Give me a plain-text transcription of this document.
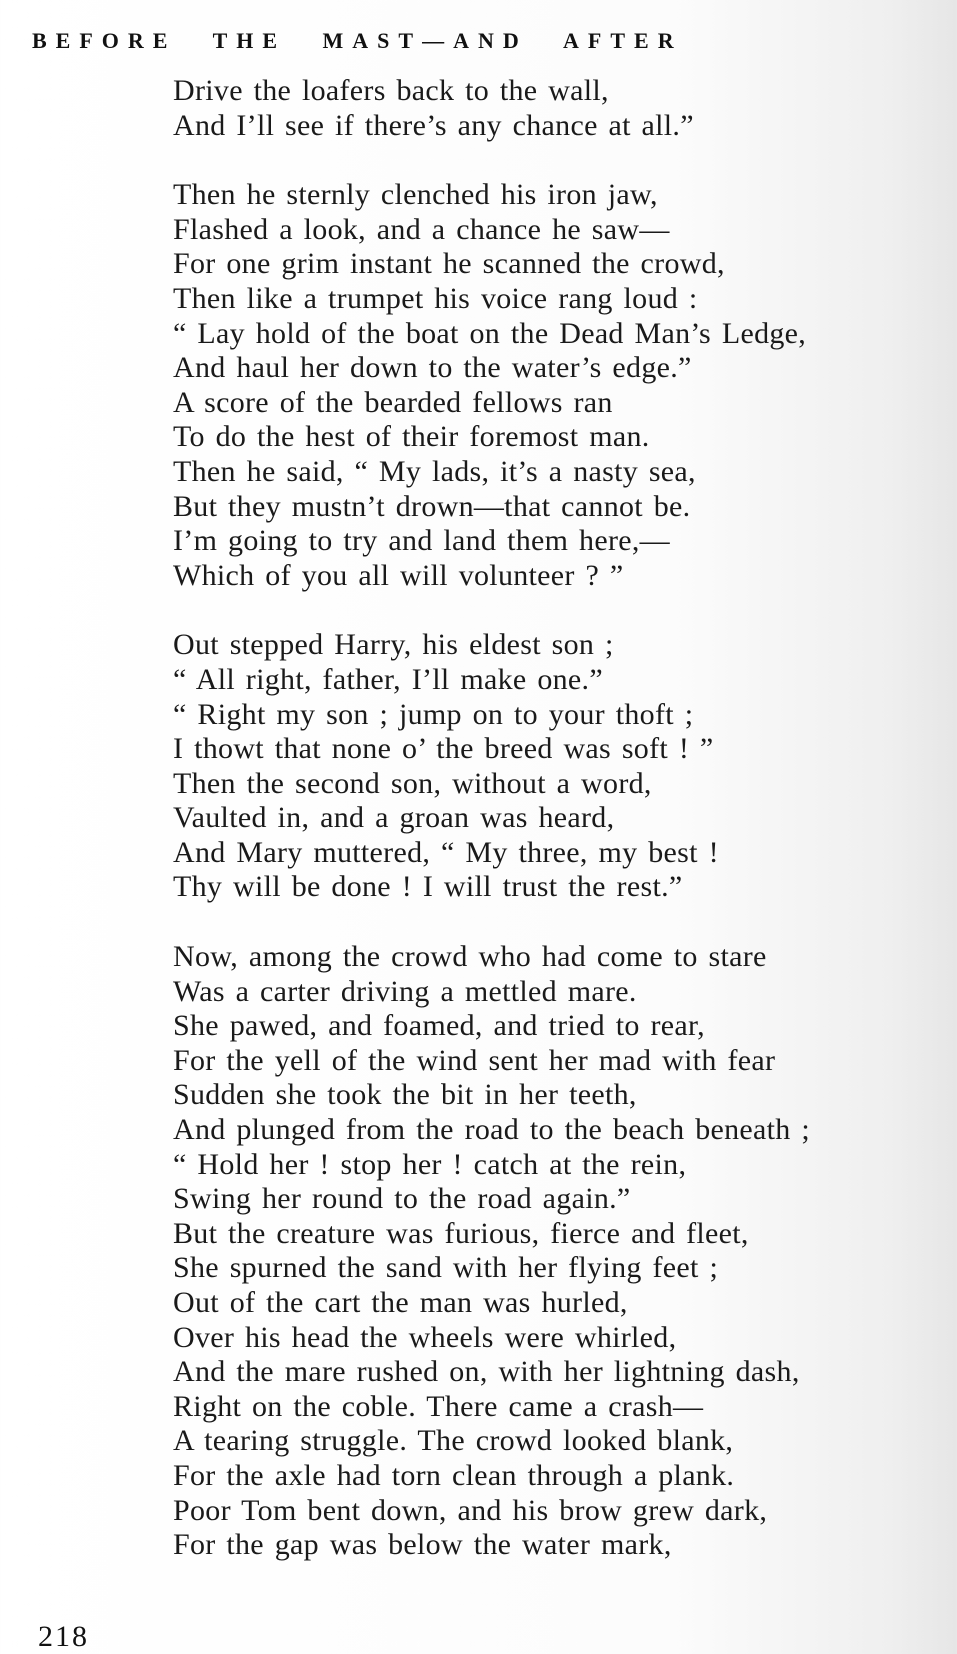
BEFORE THE MAST—AND AFTER
Drive the loafers back to the wall,
And I’ll see if there’s any chance at all.”
Then he sternly clenched his iron jaw,
Flashed a look, and a chance he saw—
For one grim instant he scanned the crowd,
Then like a trumpet his voice rang loud :
“ Lay hold of the boat on the Dead Man’s Ledge,
And haul her down to the water’s edge.”
A score of the bearded fellows ran
To do the hest of their foremost man.
Then he said, “ My lads, it’s a nasty sea,
But they mustn’t drown—that cannot be.
I’m going to try and land them here,—
Which of you all will volunteer ? ”
Out stepped Harry, his eldest son ;
“ All right, father, I’ll make one.”
“ Right my son ; jump on to your thoft ;
I thowt that none o’ the breed was soft ! ”
Then the second son, without a word,
Vaulted in, and a groan was heard,
And Mary muttered, “ My three, my best !
Thy will be done ! I will trust the rest.”
Now, among the crowd who had come to stare
Was a carter driving a mettled mare.
She pawed, and foamed, and tried to rear,
For the yell of the wind sent her mad with fear
Sudden she took the bit in her teeth,
And plunged from the road to the beach beneath ;
“ Hold her ! stop her ! catch at the rein,
Swing her round to the road again.”
But the creature was furious, fierce and fleet,
She spurned the sand with her flying feet ;
Out of the cart the man was hurled,
Over his head the wheels were whirled,
And the mare rushed on, with her lightning dash,
Right on the coble. There came a crash—
A tearing struggle. The crowd looked blank,
For the axle had torn clean through a plank.
Poor Tom bent down, and his brow grew dark,
For the gap was below the water mark,
218
